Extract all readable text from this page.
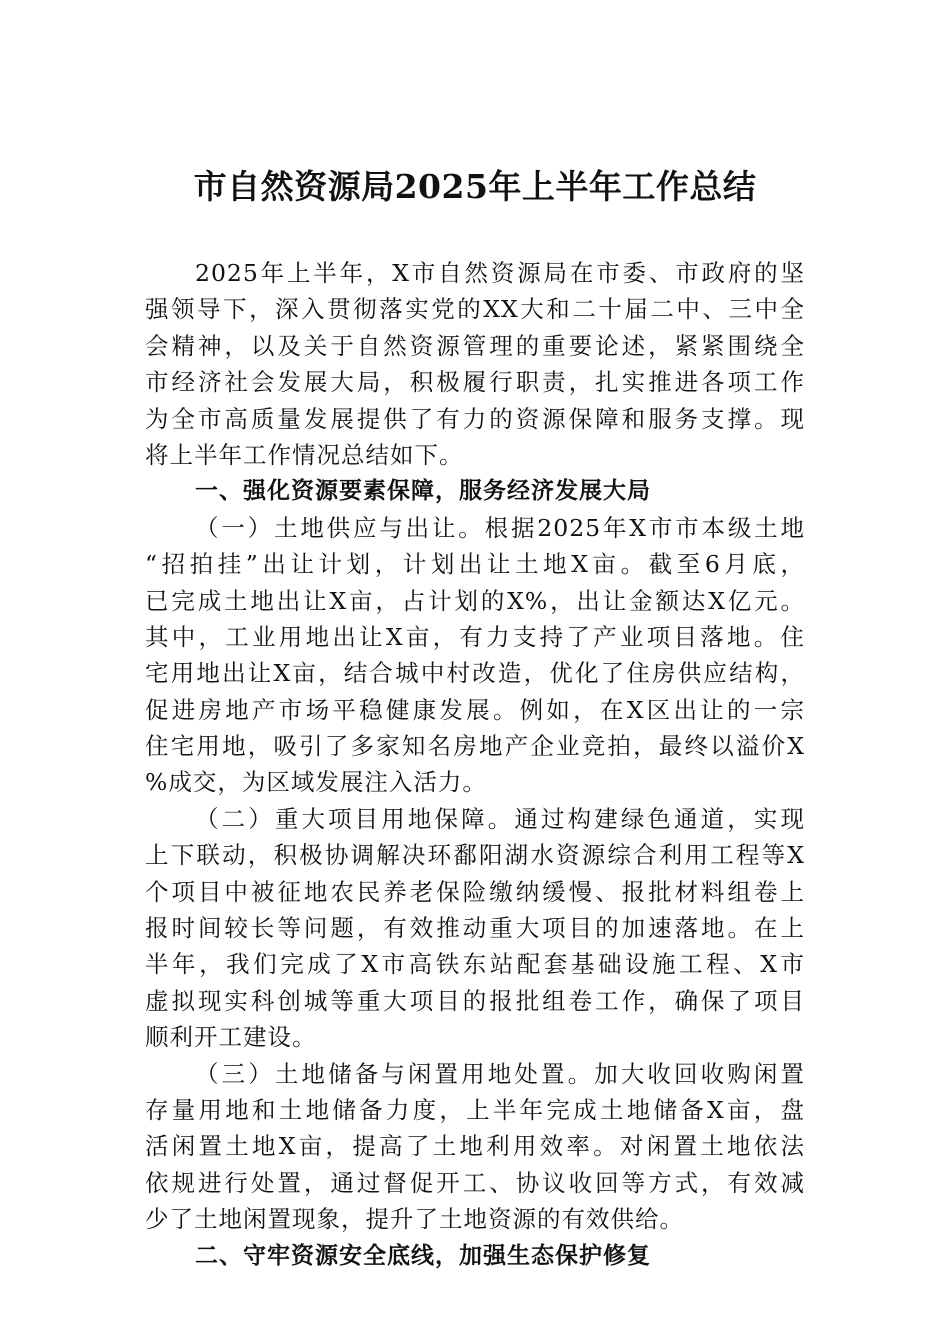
市自然资源局2025年上半年工作总结
2025年上半年，X市自然资源局在市委、市政府的坚
强领导下，深入贯彻落实党的XX大和二十届二中、三中全
会精神，以及关于自然资源管理的重要论述，紧紧围绕全
市经济社会发展大局，积极履行职责，扎实推进各项工作
为全市高质量发展提供了有力的资源保障和服务支撑。现
将上半年工作情况总结如下。
一、强化资源要素保障，服务经济发展大局
（一）土地供应与出让。根据2025年X市市本级土地
“招拍挂”出让计划，计划出让土地X亩。截至6月底，
已完成土地出让X亩，占计划的X%，出让金额达X亿元。
其中，工业用地出让X亩，有力支持了产业项目落地。住
宅用地出让X亩，结合城中村改造，优化了住房供应结构，
促进房地产市场平稳健康发展。例如，在X区出让的一宗
住宅用地，吸引了多家知名房地产企业竞拍，最终以溢价X
%成交，为区域发展注入活力。
（二）重大项目用地保障。通过构建绿色通道，实现
上下联动，积极协调解决环鄱阳湖水资源综合利用工程等X
个项目中被征地农民养老保险缴纳缓慢、报批材料组卷上
报时间较长等问题，有效推动重大项目的加速落地。在上
半年，我们完成了X市高铁东站配套基础设施工程、X市
虚拟现实科创城等重大项目的报批组卷工作，确保了项目
顺利开工建设。
（三）土地储备与闲置用地处置。加大收回收购闲置
存量用地和土地储备力度，上半年完成土地储备X亩，盘
活闲置土地X亩，提高了土地利用效率。对闲置土地依法
依规进行处置，通过督促开工、协议收回等方式，有效减
少了土地闲置现象，提升了土地资源的有效供给。
二、守牢资源安全底线，加强生态保护修复
